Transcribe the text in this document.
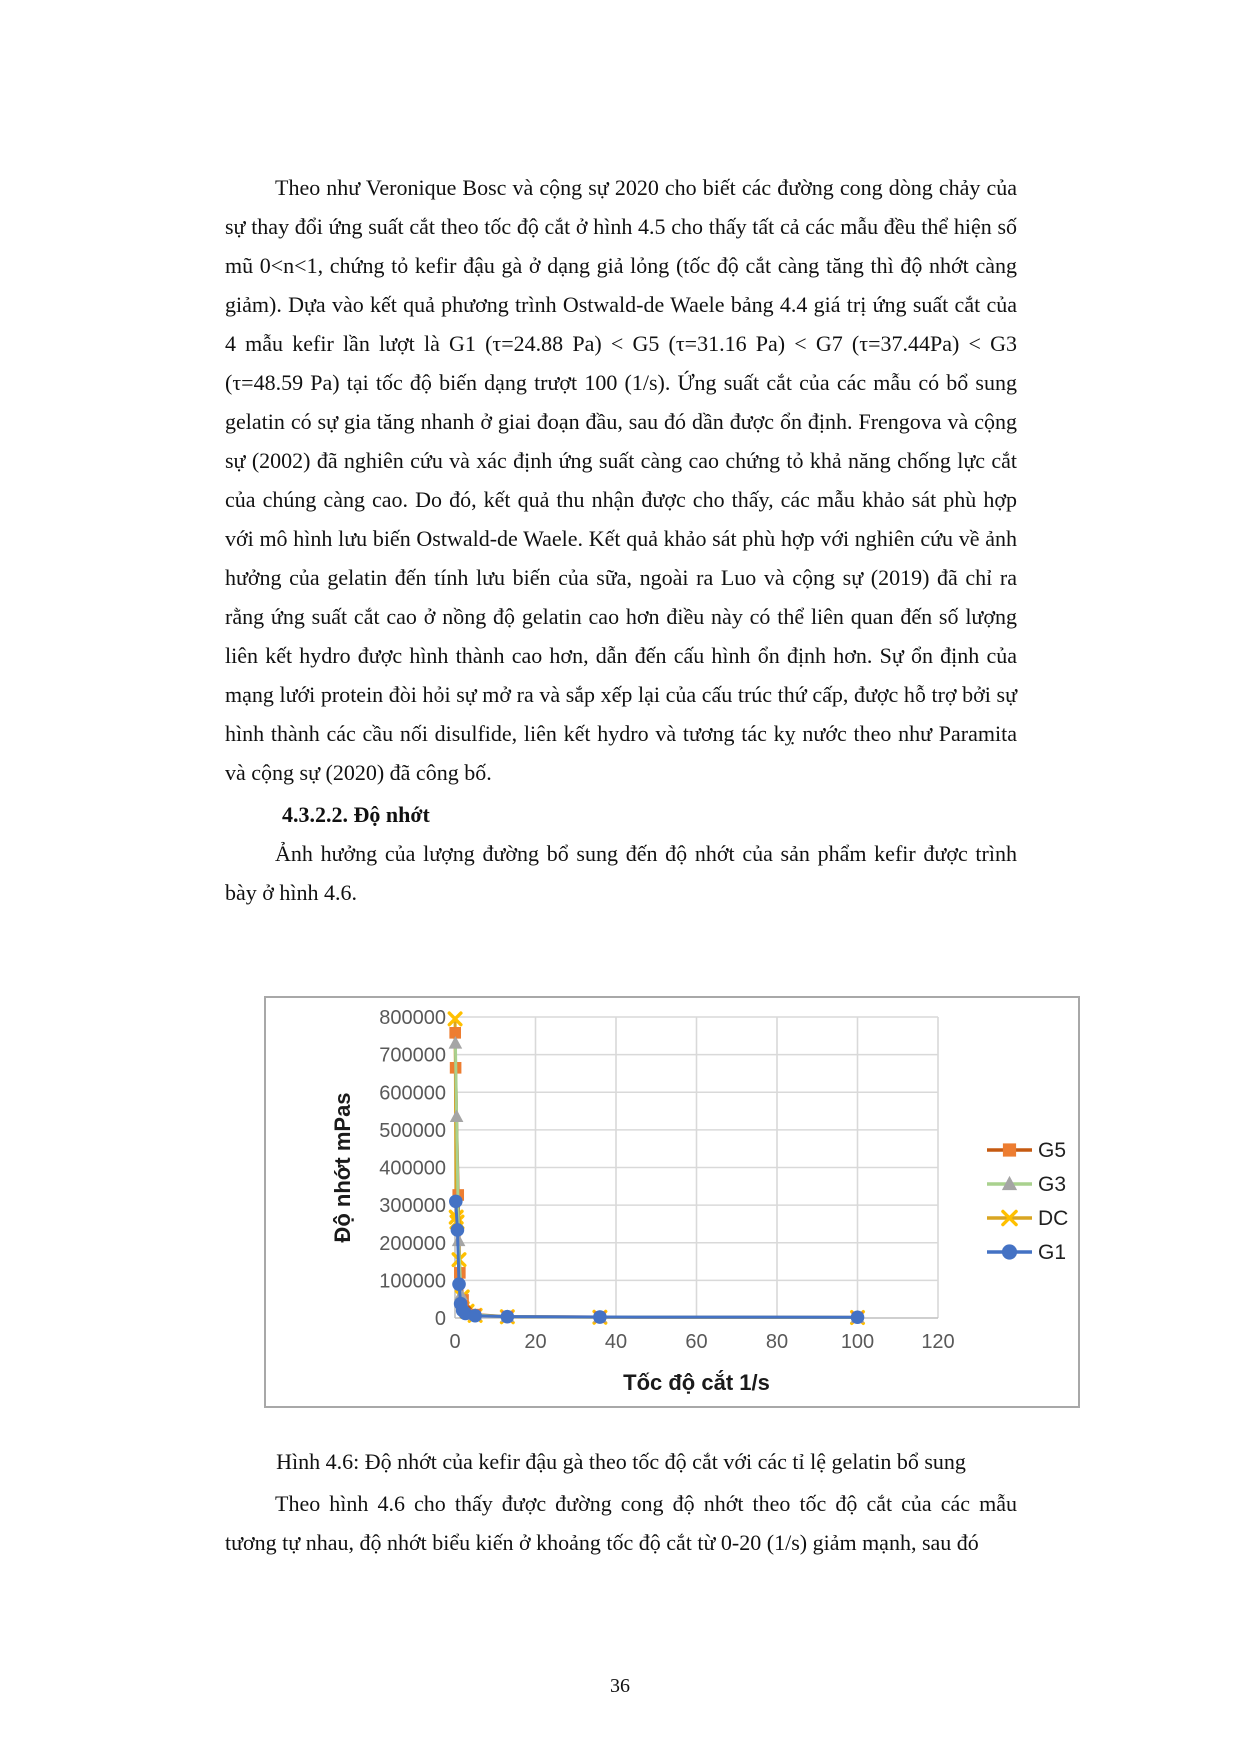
Theo như Veronique Bosc và cộng sự 2020 cho biết các đường cong dòng chảy của sự thay đổi ứng suất cắt theo tốc độ cắt ở hình 4.5 cho thấy tất cả các mẫu đều thể hiện số mũ 0<n<1, chứng tỏ kefir đậu gà ở dạng giả lỏng (tốc độ cắt càng tăng thì độ nhớt càng giảm). Dựa vào kết quả phương trình Ostwald-de Waele bảng 4.4 giá trị ứng suất cắt của 4 mẫu kefir lần lượt là G1 (τ=24.88 Pa) < G5 (τ=31.16 Pa) < G7 (τ=37.44Pa) < G3 (τ=48.59 Pa) tại tốc độ biến dạng trượt 100 (1/s). Ứng suất cắt của các mẫu có bổ sung gelatin có sự gia tăng nhanh ở giai đoạn đầu, sau đó dần được ổn định. Frengova và cộng sự (2002) đã nghiên cứu và xác định ứng suất càng cao chứng tỏ khả năng chống lực cắt của chúng càng cao. Do đó, kết quả thu nhận được cho thấy, các mẫu khảo sát phù hợp với mô hình lưu biến Ostwald-de Waele. Kết quả khảo sát phù hợp với nghiên cứu về ảnh hưởng của gelatin đến tính lưu biến của sữa, ngoài ra Luo và cộng sự (2019) đã chỉ ra rằng ứng suất cắt cao ở nồng độ gelatin cao hơn điều này có thể liên quan đến số lượng liên kết hydro được hình thành cao hơn, dẫn đến cấu hình ổn định hơn. Sự ổn định của mạng lưới protein đòi hỏi sự mở ra và sắp xếp lại của cấu trúc thứ cấp, được hỗ trợ bởi sự hình thành các cầu nối disulfide, liên kết hydro và tương tác kỵ nước theo như Paramita và cộng sự (2020) đã công bố.

4.3.2.2. Độ nhớt

Ảnh hưởng của lượng đường bổ sung đến độ nhớt của sản phẩm kefir được trình bày ở hình 4.6.

0
100000
200000
300000
400000
500000
600000
700000
800000
0	20	40	60	80	100 120
Tốc độ cắt 1/s
Độ nhớt mPas	G5
G3
DC
G1

Hình 4.6: Độ nhớt của kefir đậu gà theo tốc độ cắt với các tỉ lệ gelatin bổ sung

Theo hình 4.6 cho thấy được đường cong độ nhớt theo tốc độ cắt của các mẫu tương tự nhau, độ nhớt biểu kiến ở khoảng tốc độ cắt từ 0-20 (1/s) giảm mạnh, sau đó

36
